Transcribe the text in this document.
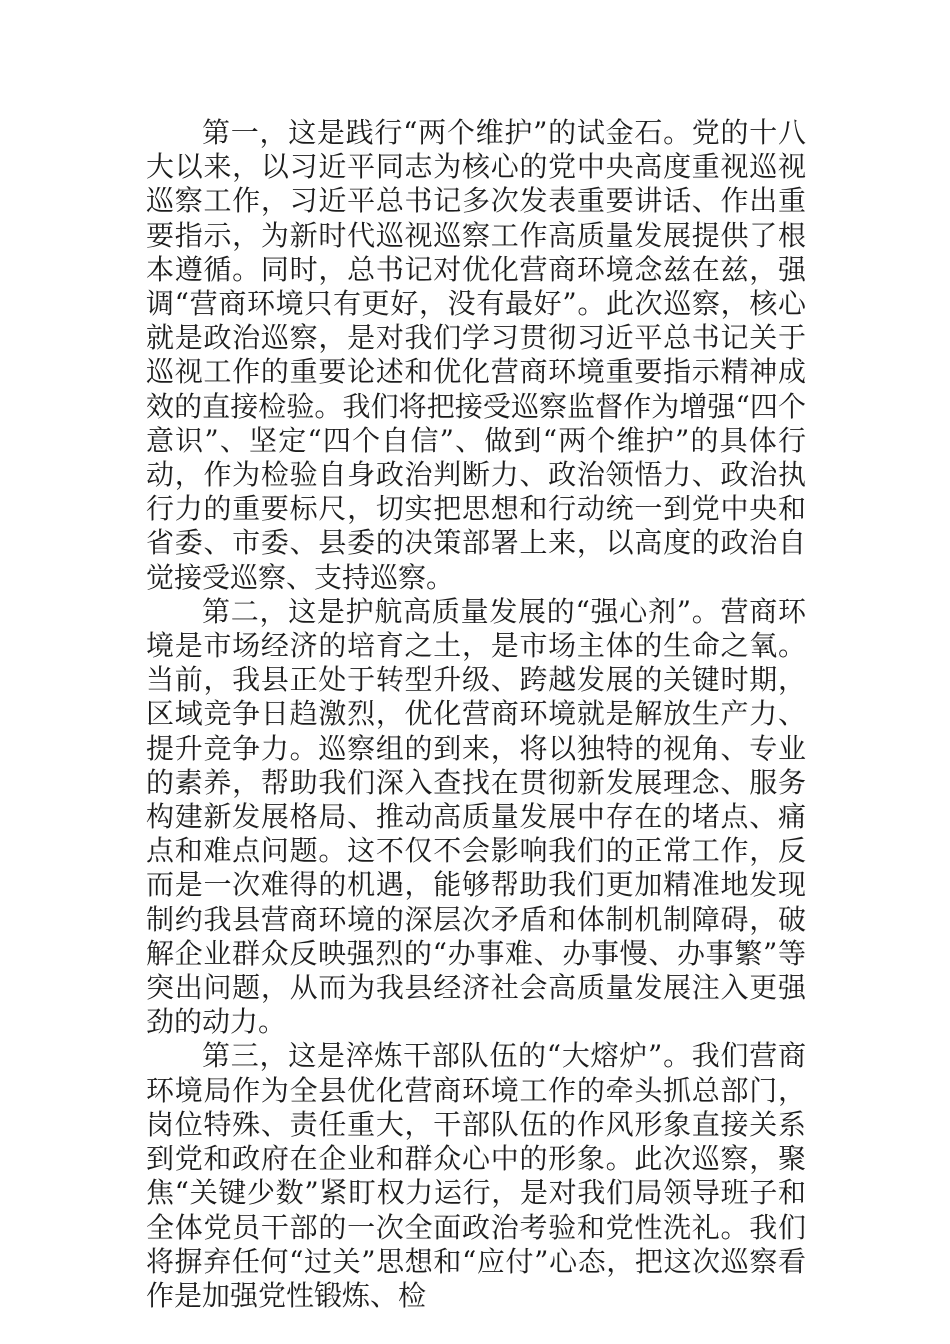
第一，这是践行“两个维护”的试金石。党的十八大以来，以习近平同志为核心的党中央高度重视巡视巡察工作，习近平总书记多次发表重要讲话、作出重要指示，为新时代巡视巡察工作高质量发展提供了根本遵循。同时，总书记对优化营商环境念兹在兹，强调“营商环境只有更好，没有最好”。此次巡察，核心就是政治巡察，是对我们学习贯彻习近平总书记关于巡视工作的重要论述和优化营商环境重要指示精神成效的直接检验。我们将把接受巡察监督作为增强“四个意识”、坚定“四个自信”、做到“两个维护”的具体行动，作为检验自身政治判断力、政治领悟力、政治执行力的重要标尺，切实把思想和行动统一到党中央和省委、市委、县委的决策部署上来，以高度的政治自觉接受巡察、支持巡察。

第二，这是护航高质量发展的“强心剂”。营商环境是市场经济的培育之土，是市场主体的生命之氧。当前，我县正处于转型升级、跨越发展的关键时期，区域竞争日趋激烈，优化营商环境就是解放生产力、提升竞争力。巡察组的到来，将以独特的视角、专业的素养，帮助我们深入查找在贯彻新发展理念、服务构建新发展格局、推动高质量发展中存在的堵点、痛点和难点问题。这不仅不会影响我们的正常工作，反而是一次难得的机遇，能够帮助我们更加精准地发现制约我县营商环境的深层次矛盾和体制机制障碍，破解企业群众反映强烈的“办事难、办事慢、办事繁”等突出问题，从而为我县经济社会高质量发展注入更强劲的动力。

第三，这是淬炼干部队伍的“大熔炉”。我们营商环境局作为全县优化营商环境工作的牵头抓总部门，岗位特殊、责任重大，干部队伍的作风形象直接关系到党和政府在企业和群众心中的形象。此次巡察，聚焦“关键少数”紧盯权力运行，是对我们局领导班子和全体党员干部的一次全面政治考验和党性洗礼。我们将摒弃任何“过关”思想和“应付”心态，把这次巡察看作是加强党性锻炼、检
